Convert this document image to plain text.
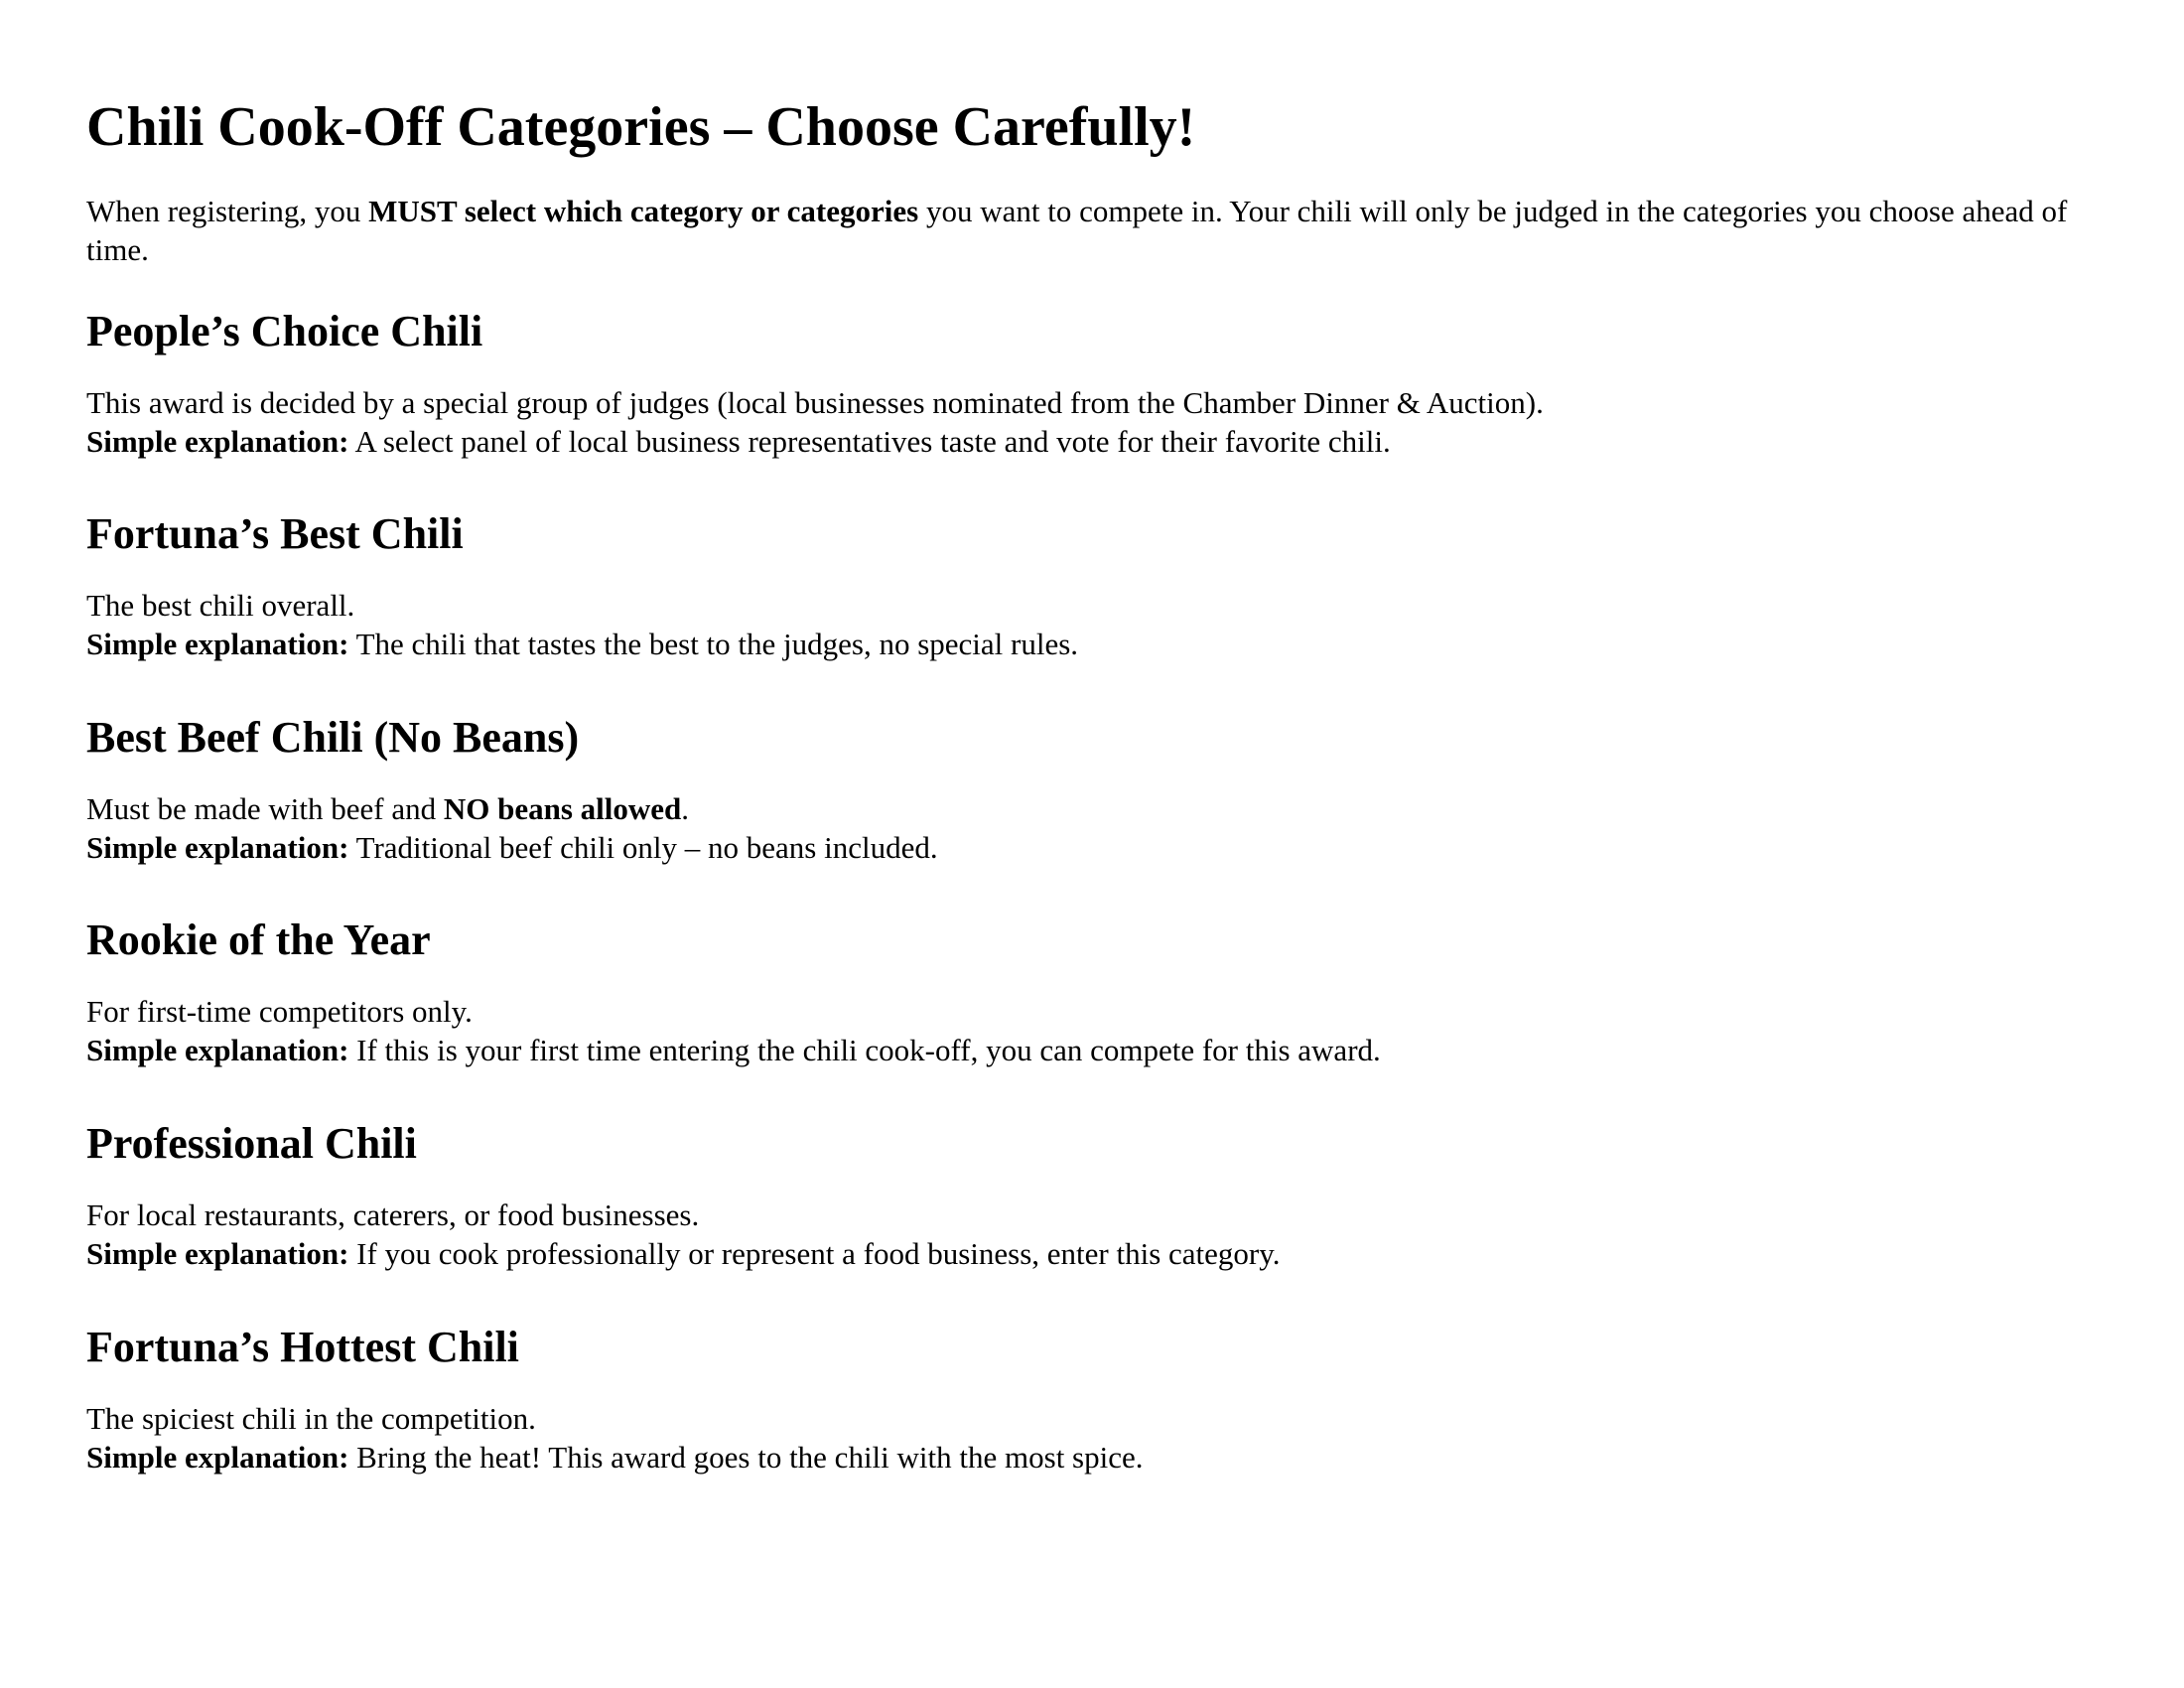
Chili Cook-Off Categories – Choose Carefully!

When registering, you MUST select which category or categories you want to compete in. Your chili will only be judged in the categories you choose ahead of time.

People’s Choice Chili

This award is decided by a special group of judges (local businesses nominated from the Chamber Dinner & Auction).

Simple explanation: A select panel of local business representatives taste and vote for their favorite chili.

Fortuna’s Best Chili

The best chili overall.

Simple explanation: The chili that tastes the best to the judges, no special rules.

Best Beef Chili (No Beans)

Must be made with beef and NO beans allowed.

Simple explanation: Traditional beef chili only – no beans included.

Rookie of the Year

For first-time competitors only.

Simple explanation: If this is your first time entering the chili cook-off, you can compete for this award.

Professional Chili

For local restaurants, caterers, or food businesses.

Simple explanation: If you cook professionally or represent a food business, enter this category.

Fortuna’s Hottest Chili

The spiciest chili in the competition.

Simple explanation: Bring the heat! This award goes to the chili with the most spice.
